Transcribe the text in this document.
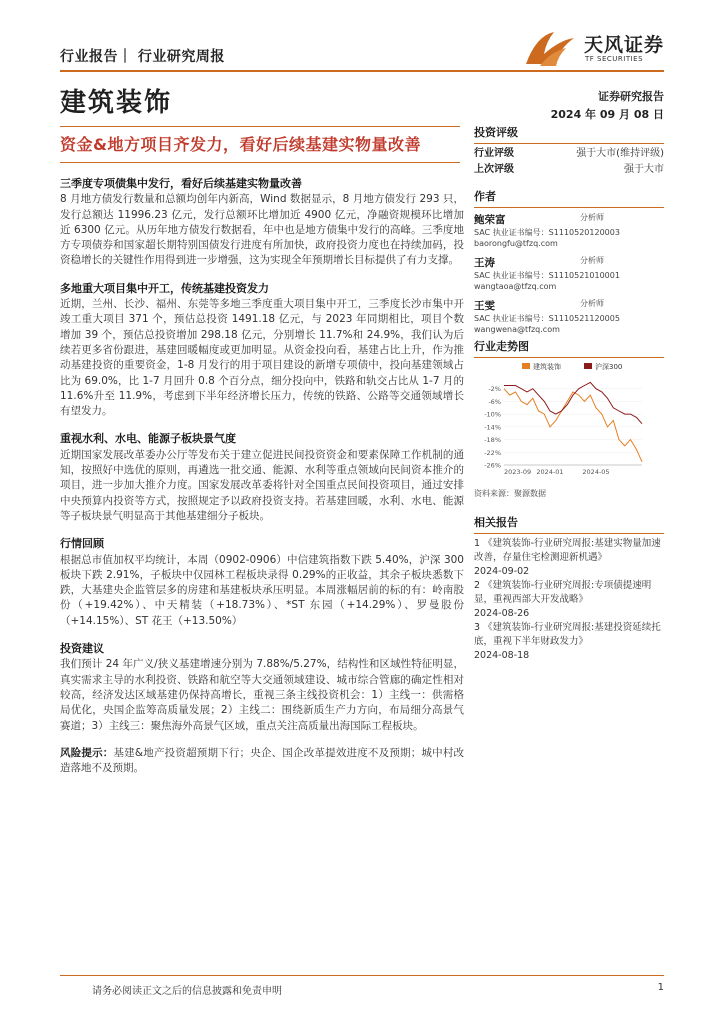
行业报告｜ 行业研究周报
天风证券
TF SECURITIES
建筑装饰	证券研究报告
2024 年 09 月 08 日
资金&地方项目齐发力，看好后续基建实物量改善
三季度专项债集中发行，看好后续基建实物量改善
8 月地方债发行数量和总额均创年内新高，Wind 数据显示，8 月地方债发行 293 只，发行总额达 11996.23 亿元，发行总额环比增加近 4900 亿元，净融资规模环比增加近 6300 亿元。从历年地方债发行数据看，年中也是地方债集中发行的高峰。三季度地方专项债券和国家超长期特别国债发行进度有所加快，政府投资力度也在持续加码，投资稳增长的关键性作用得到进一步增强，这为实现全年预期增长目标提供了有力支撑。
多地重大项目集中开工，传统基建投资发力
近期，兰州、长沙、福州、东莞等多地三季度重大项目集中开工，三季度长沙市集中开竣工重大项目 371 个，预估总投资 1491.18 亿元，与 2023 年同期相比，项目个数增加 39 个，预估总投资增加 298.18 亿元，分别增长 11.7%和 24.9%，我们认为后续若更多省份跟进，基建回暖幅度或更加明显。从资金投向看，基建占比上升，作为推动基建投资的重要资金，1-8 月发行的用于项目建设的新增专项债中，投向基建领域占比为 69.0%，比 1-7 月回升 0.8 个百分点，细分投向中，铁路和轨交占比从 1-7 月的 11.6%升至 11.9%，考虑到下半年经济增长压力，传统的铁路、公路等交通领域增长有望发力。
重视水利、水电、能源子板块景气度
近期国家发展改革委办公厅等发布关于建立促进民间投资资金和要素保障工作机制的通知，按照好中选优的原则，再遴选一批交通、能源、水利等重点领域向民间资本推介的项目，进一步加大推介力度。国家发展改革委将针对全国重点民间投资项目，通过安排中央预算内投资等方式，按照规定予以政府投资支持。若基建回暖，水利、水电、能源等子板块景气明显高于其他基建细分子板块。
行情回顾
根据总市值加权平均统计，本周（0902-0906）中信建筑指数下跌 5.40%，沪深 300 板块下跌 2.91%，子板块中仅园林工程板块录得 0.29%的正收益，其余子板块悉数下跌，大基建央企监管层多的房建和基建板块承压明显。本周涨幅居前的标的有：岭南股份（+19.42%）、中天精装（+18.73%）、*ST 东园（+14.29%）、罗曼股份（+14.15%）、ST 花王（+13.50%）
投资建议
我们预计 24 年广义/狭义基建增速分别为 7.88%/5.27%，结构性和区域性特征明显，真实需求主导的水利投资、铁路和航空等大交通领域建设、城市综合管廊的确定性相对较高，经济发达区域基建仍保持高增长，重视三条主线投资机会：1）主线一：供需格局优化，央国企监筹高质量发展；2）主线二：围绕新质生产力方向，布局细分高景气赛道；3）主线三：聚焦海外高景气区域，重点关注高质量出海国际工程板块。
风险提示：基建&地产投资超预期下行；央企、国企改革提效进度不及预期；城中村改造落地不及预期。
投资评级
行业评级	强于大市(维持评级)
上次评级	强于大市
作者
鲍荣富	分析师
SAC 执业证书编号：S1110520120003
baorongfu@tfzq.com
王涛	分析师
SAC 执业证书编号：S1110521010001
wangtaoa@tfzq.com
王雯	分析师
SAC 执业证书编号：S1110521120005
wangwena@tfzq.com
行业走势图
建筑装饰	沪深300
-2%
-6%
-10%
-14%
-18%
-22%
-26%
2023-09 2024-01	2024-05
资料来源：聚源数据
相关报告
1 《建筑装饰-行业研究周报:基建实物量加速改善，存量住宅检测迎新机遇》
2024-09-02
2 《建筑装饰-行业研究周报:专项债提速明显，重视西部大开发战略》
2024-08-26
3 《建筑装饰-行业研究周报:基建投资延续托底，重视下半年财政发力》
2024-08-18
请务必阅读正文之后的信息披露和免责申明	1
